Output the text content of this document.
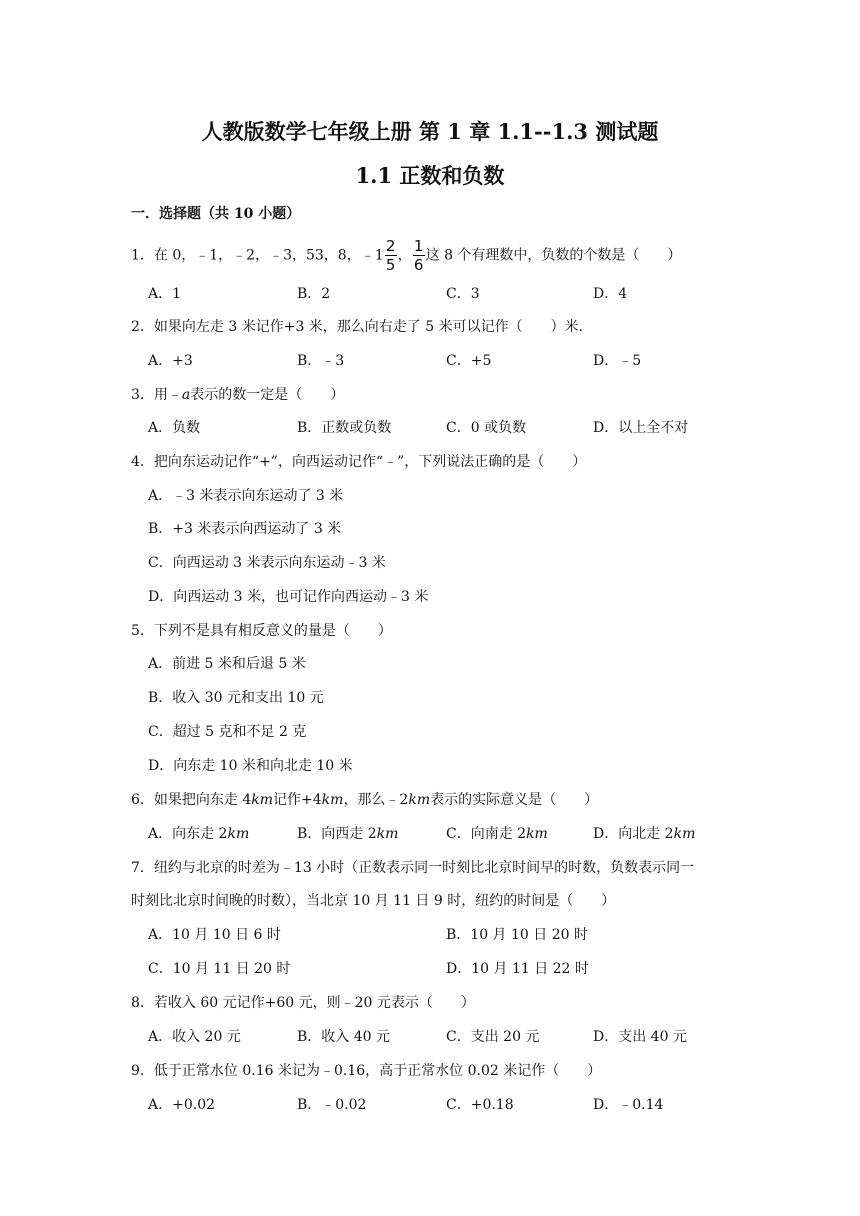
人教版数学七年级上册 第 1 章 1.1--1.3 测试题
1.1 正数和负数
一．选择题（共 10 小题）
1．在 0，﹣1，﹣2，﹣3，53，8，﹣1 $\frac{2}{5}$ ， $\frac{1}{6}$ 这 8 个有理数中，负数的个数是（　　）
A．1	B．2	C．3	D．4
2．如果向左走 3 米记作+3 米，那么向右走了 5 米可以记作（　　）米．
A．+3	B．﹣3	C．+5	D．﹣5
3．用﹣a表示的数一定是（　　）
A．负数	B．正数或负数	C．0 或负数	D．以上全不对
4．把向东运动记作“+”，向西运动记作“﹣”，下列说法正确的是（　　）
A．﹣3 米表示向东运动了 3 米
B．+3 米表示向西运动了 3 米
C．向西运动 3 米表示向东运动﹣3 米
D．向西运动 3 米，也可记作向西运动﹣3 米
5．下列不是具有相反意义的量是（　　）
A．前进 5 米和后退 5 米
B．收入 30 元和支出 10 元
C．超过 5 克和不足 2 克
D．向东走 10 米和向北走 10 米
6．如果把向东走 4km记作+4km，那么﹣2km表示的实际意义是（　　）
A．向东走 2km	B．向西走 2km	C．向南走 2km	D．向北走 2km
7．纽约与北京的时差为﹣13 小时（正数表示同一时刻比北京时间早的时数，负数表示同一
时刻比北京时间晚的时数），当北京 10 月 11 日 9 时，纽约的时间是（　　）
A．10 月 10 日 6 时	B．10 月 10 日 20 时
C．10 月 11 日 20 时	D．10 月 11 日 22 时
8．若收入 60 元记作+60 元，则﹣20 元表示（　　）
A．收入 20 元	B．收入 40 元	C．支出 20 元	D．支出 40 元
9．低于正常水位 0.16 米记为﹣0.16，高于正常水位 0.02 米记作（　　）
A．+0.02	B．﹣0.02	C．+0.18	D．﹣0.14
